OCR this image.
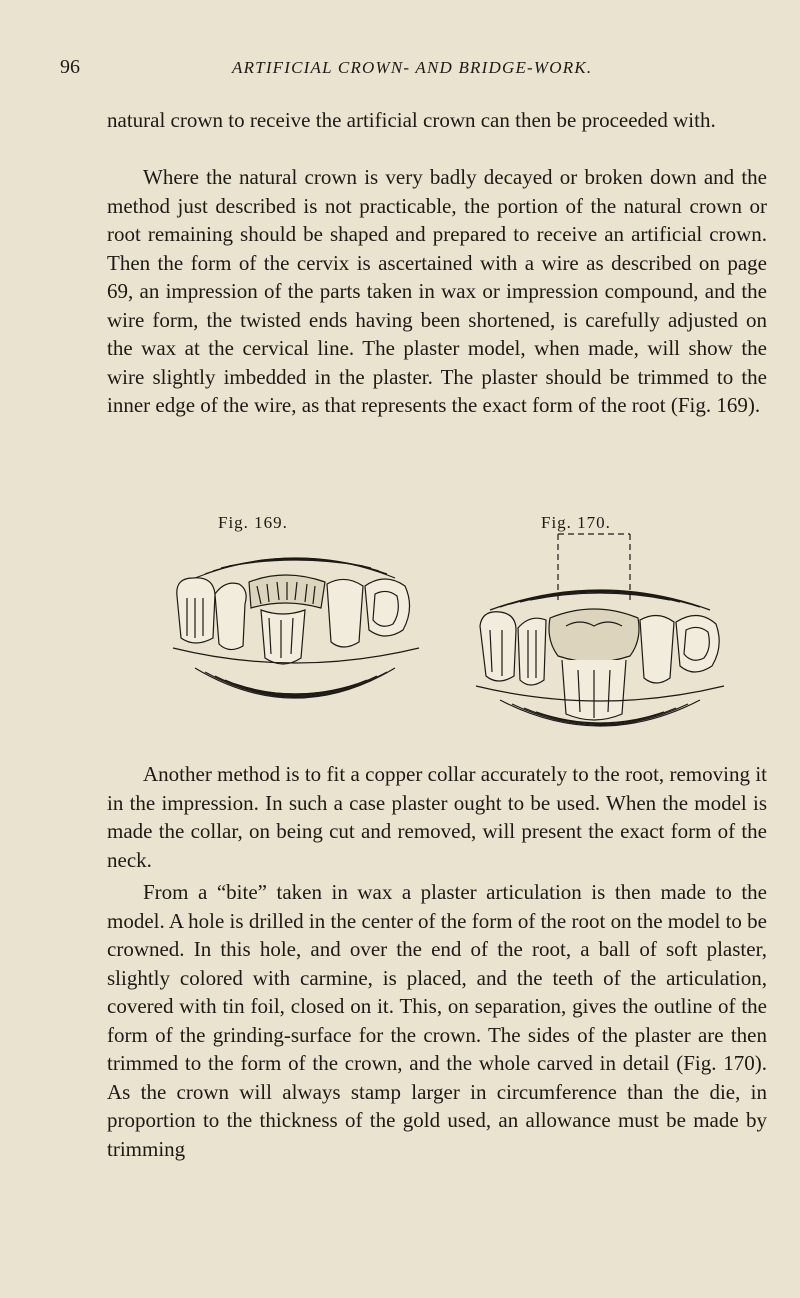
96	ARTIFICIAL CROWN- AND BRIDGE-WORK.

natural crown to receive the artificial crown can then be proceeded with.

Where the natural crown is very badly decayed or broken down and the method just described is not practicable, the portion of the natural crown or root remaining should be shaped and prepared to receive an artificial crown. Then the form of the cervix is ascertained with a wire as described on page 69, an impression of the parts taken in wax or impression compound, and the wire form, the twisted ends having been shortened, is carefully adjusted on the wax at the cervical line. The plaster model, when made, will show the wire slightly imbedded in the plaster. The plaster should be trimmed to the inner edge of the wire, as that represents the exact form of the root (Fig. 169).

Fig. 169.	Fig. 170.

Another method is to fit a copper collar accurately to the root, removing it in the impression. In such a case plaster ought to be used. When the model is made the collar, on being cut and removed, will present the exact form of the neck.

From a “bite” taken in wax a plaster articulation is then made to the model. A hole is drilled in the center of the form of the root on the model to be crowned. In this hole, and over the end of the root, a ball of soft plaster, slightly colored with carmine, is placed, and the teeth of the articulation, covered with tin foil, closed on it. This, on separation, gives the outline of the form of the grinding-surface for the crown. The sides of the plaster are then trimmed to the form of the crown, and the whole carved in detail (Fig. 170). As the crown will always stamp larger in circumference than the die, in proportion to the thickness of the gold used, an allowance must be made by trimming
